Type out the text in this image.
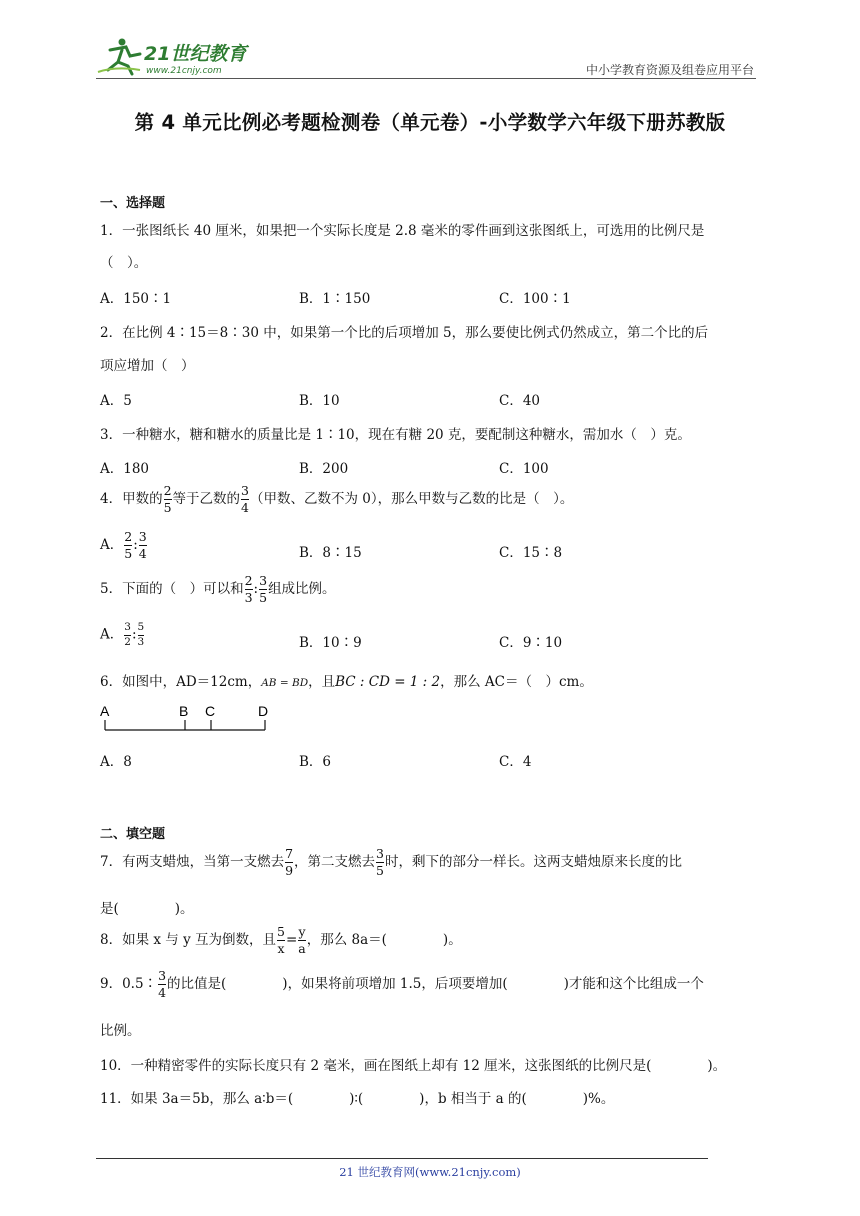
21世纪教育
www.21cnjy.com	中小学教育资源及组卷应用平台
第 4 单元比例必考题检测卷（单元卷）-小学数学六年级下册苏教版
一、选择题
1．一张图纸长 40 厘米，如果把一个实际长度是 2.8 毫米的零件画到这张图纸上，可选用的比例尺是
（　）。
A．150∶1	B．1∶150	C．100∶1
2．在比例 4∶15＝8∶30 中，如果第一个比的后项增加 5，那么要使比例式仍然成立，第二个比的后
项应增加（　）
A．5	B．10	C．40
3．一种糖水，糖和糖水的质量比是 1∶10，现在有糖 20 克，要配制这种糖水，需加水（　）克。
A．180	B．200	C．100
4．甲数的 $\frac{2}{5}$ 等于乙数的 $\frac{3}{4}$ （甲数、乙数不为 0），那么甲数与乙数的比是（　）。
A． $\frac{2}{5}$ : $\frac{3}{4}$	B．8∶15	C．15∶8
5．下面的（　）可以和 $\frac{2}{3}$ : $\frac{3}{5}$ 组成比例。
A． $\frac{3}{2}$ : $\frac{5}{3}$	B．10∶9	C．9∶10
6．如图中，AD＝12cm，AB = BD，且BC : CD = 1 : 2，那么 AC＝（　）cm。
A	B C	D
A．8	B．6	C．4
二、填空题
7．有两支蜡烛，当第一支燃去 $\frac{7}{9}$ ，第二支燃去 $\frac{3}{5}$ 时，剩下的部分一样长。这两支蜡烛原来长度的比
是(	)。
8．如果 x 与 y 互为倒数，且 $\frac{5}{x} = \frac{y}{a}$ ，那么 8a＝(	)。
9．0.5∶ $\frac{3}{4}$ 的比值是(	)，如果将前项增加 1.5，后项要增加(	)才能和这个比组成一个
比例。
10．一种精密零件的实际长度只有 2 毫米，画在图纸上却有 12 厘米，这张图纸的比例尺是(	)。
11．如果 3a＝5b，那么 a∶b＝(	)∶(	)，b 相当于 a 的(	)%。
21 世纪教育网(www.21cnjy.com)
